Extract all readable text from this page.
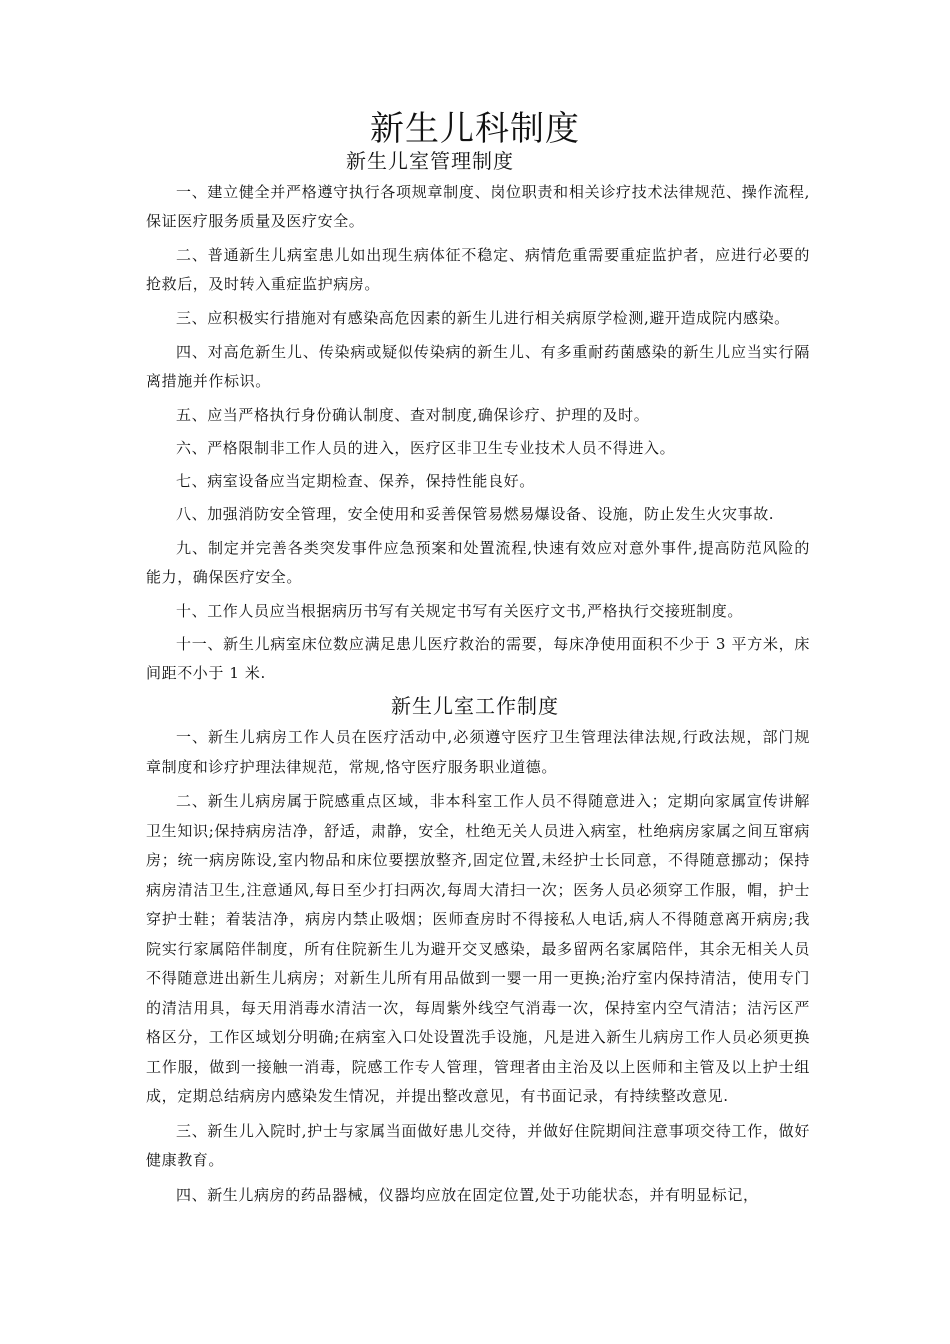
新生儿科制度
新生儿室管理制度

一、建立健全并严格遵守执行各项规章制度、岗位职责和相关诊疗技术法律规范、操作流程,保证医疗服务质量及医疗安全。

二、普通新生儿病室患儿如出现生病体征不稳定、病情危重需要重症监护者，应进行必要的抢救后，及时转入重症监护病房。

三、应积极实行措施对有感染高危因素的新生儿进行相关病原学检测,避开造成院内感染。

四、对高危新生儿、传染病或疑似传染病的新生儿、有多重耐药菌感染的新生儿应当实行隔离措施并作标识。

五、应当严格执行身份确认制度、查对制度,确保诊疗、护理的及时。

六、严格限制非工作人员的进入，医疗区非卫生专业技术人员不得进入。

七、病室设备应当定期检查、保养，保持性能良好。

八、加强消防安全管理，安全使用和妥善保管易燃易爆设备、设施，防止发生火灾事故.

九、制定并完善各类突发事件应急预案和处置流程,快速有效应对意外事件,提高防范风险的能力，确保医疗安全。

十、工作人员应当根据病历书写有关规定书写有关医疗文书,严格执行交接班制度。

十一、新生儿病室床位数应满足患儿医疗救治的需要，每床净使用面积不少于 3 平方米，床间距不小于 1 米.

新生儿室工作制度

一、新生儿病房工作人员在医疗活动中,必须遵守医疗卫生管理法律法规,行政法规，部门规章制度和诊疗护理法律规范，常规,恪守医疗服务职业道德。

二、新生儿病房属于院感重点区域，非本科室工作人员不得随意进入；定期向家属宣传讲解卫生知识;保持病房洁净，舒适，肃静，安全，杜绝无关人员进入病室，杜绝病房家属之间互窜病房；统一病房陈设,室内物品和床位要摆放整齐,固定位置,未经护士长同意，不得随意挪动；保持病房清洁卫生,注意通风,每日至少打扫两次,每周大清扫一次；医务人员必须穿工作服，帽，护士穿护士鞋；着装洁净，病房内禁止吸烟；医师查房时不得接私人电话,病人不得随意离开病房;我院实行家属陪伴制度，所有住院新生儿为避开交叉感染，最多留两名家属陪伴，其余无相关人员不得随意进出新生儿病房；对新生儿所有用品做到一婴一用一更换;治疗室内保持清洁，使用专门的清洁用具，每天用消毒水清洁一次，每周紫外线空气消毒一次，保持室内空气清洁；洁污区严格区分，工作区域划分明确;在病室入口处设置洗手设施，凡是进入新生儿病房工作人员必须更换工作服，做到一接触一消毒，院感工作专人管理，管理者由主治及以上医师和主管及以上护士组成，定期总结病房内感染发生情况，并提出整改意见，有书面记录，有持续整改意见.

三、新生儿入院时,护士与家属当面做好患儿交待，并做好住院期间注意事项交待工作，做好健康教育。

四、新生儿病房的药品器械，仪器均应放在固定位置,处于功能状态，并有明显标记，
